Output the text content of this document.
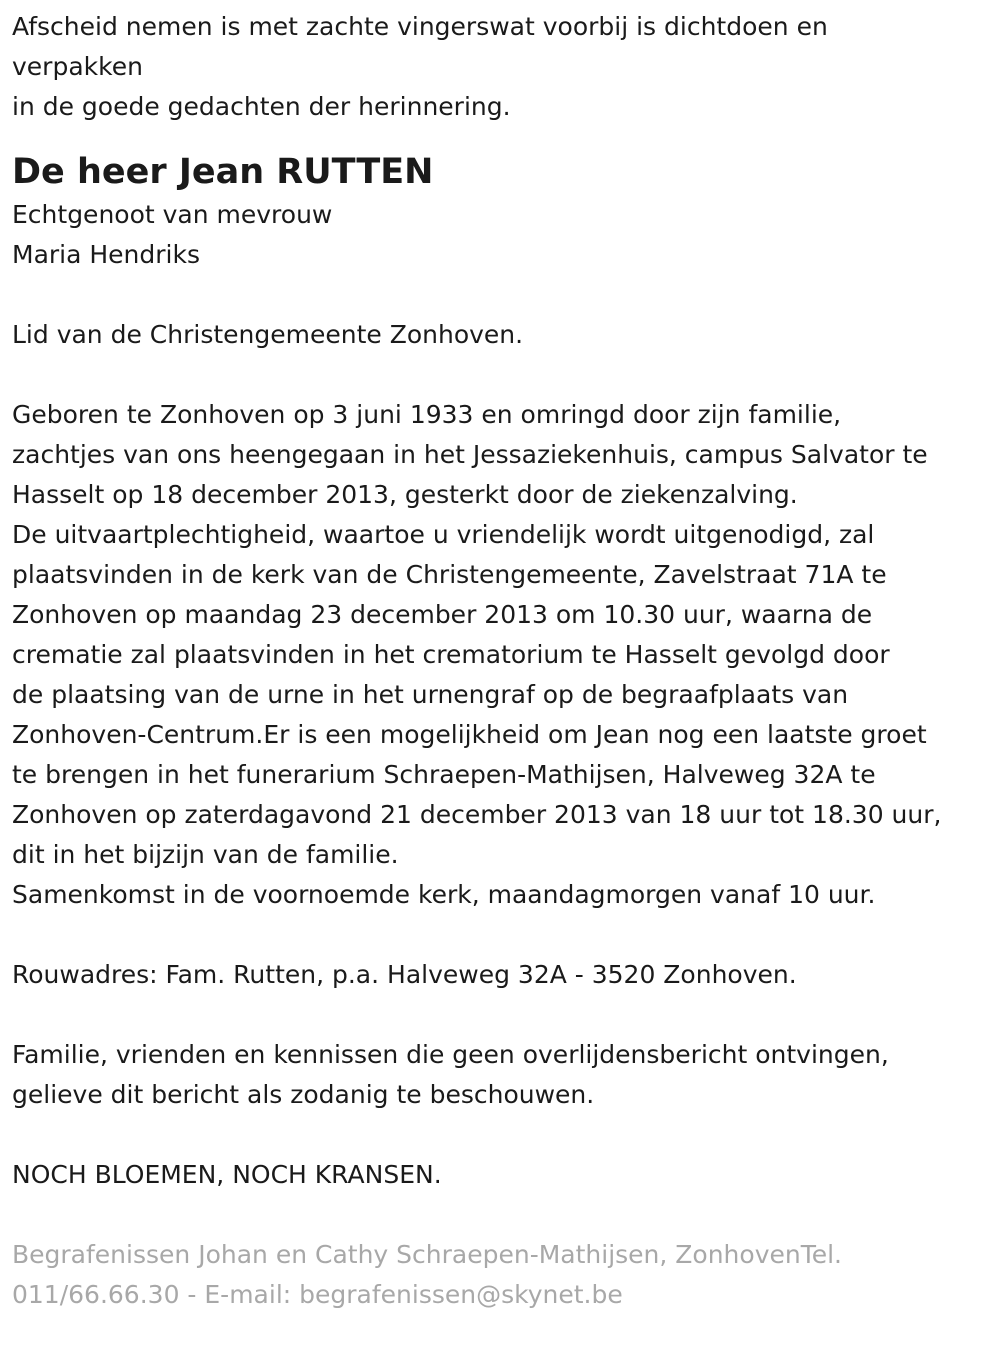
Afscheid nemen is met zachte vingerswat voorbij is dichtdoen en

verpakken

in de goede gedachten der herinnering.

De heer Jean RUTTEN

Echtgenoot van mevrouw

Maria Hendriks

Lid van de Christengemeente Zonhoven.

Geboren te Zonhoven op 3 juni 1933 en omringd door zijn familie,

zachtjes van ons heengegaan in het Jessaziekenhuis, campus Salvator te

Hasselt op 18 december 2013, gesterkt door de ziekenzalving.

De uitvaartplechtigheid, waartoe u vriendelijk wordt uitgenodigd, zal

plaatsvinden in de kerk van de Christengemeente, Zavelstraat 71A te

Zonhoven op maandag 23 december 2013 om 10.30 uur, waarna de

crematie zal plaatsvinden in het crematorium te Hasselt gevolgd door

de plaatsing van de urne in het urnengraf op de begraafplaats van

Zonhoven-Centrum.Er is een mogelijkheid om Jean nog een laatste groet

te brengen in het funerarium Schraepen-Mathijsen, Halveweg 32A te

Zonhoven op zaterdagavond 21 december 2013 van 18 uur tot 18.30 uur,

dit in het bijzijn van de familie.

Samenkomst in de voornoemde kerk, maandagmorgen vanaf 10 uur.

Rouwadres: Fam. Rutten, p.a. Halveweg 32A - 3520 Zonhoven.

Familie, vrienden en kennissen die geen overlijdensbericht ontvingen,

gelieve dit bericht als zodanig te beschouwen.

NOCH BLOEMEN, NOCH KRANSEN.

Begrafenissen Johan en Cathy Schraepen-Mathijsen, ZonhovenTel.

011/66.66.30 - E-mail: begrafenissen@skynet.be
